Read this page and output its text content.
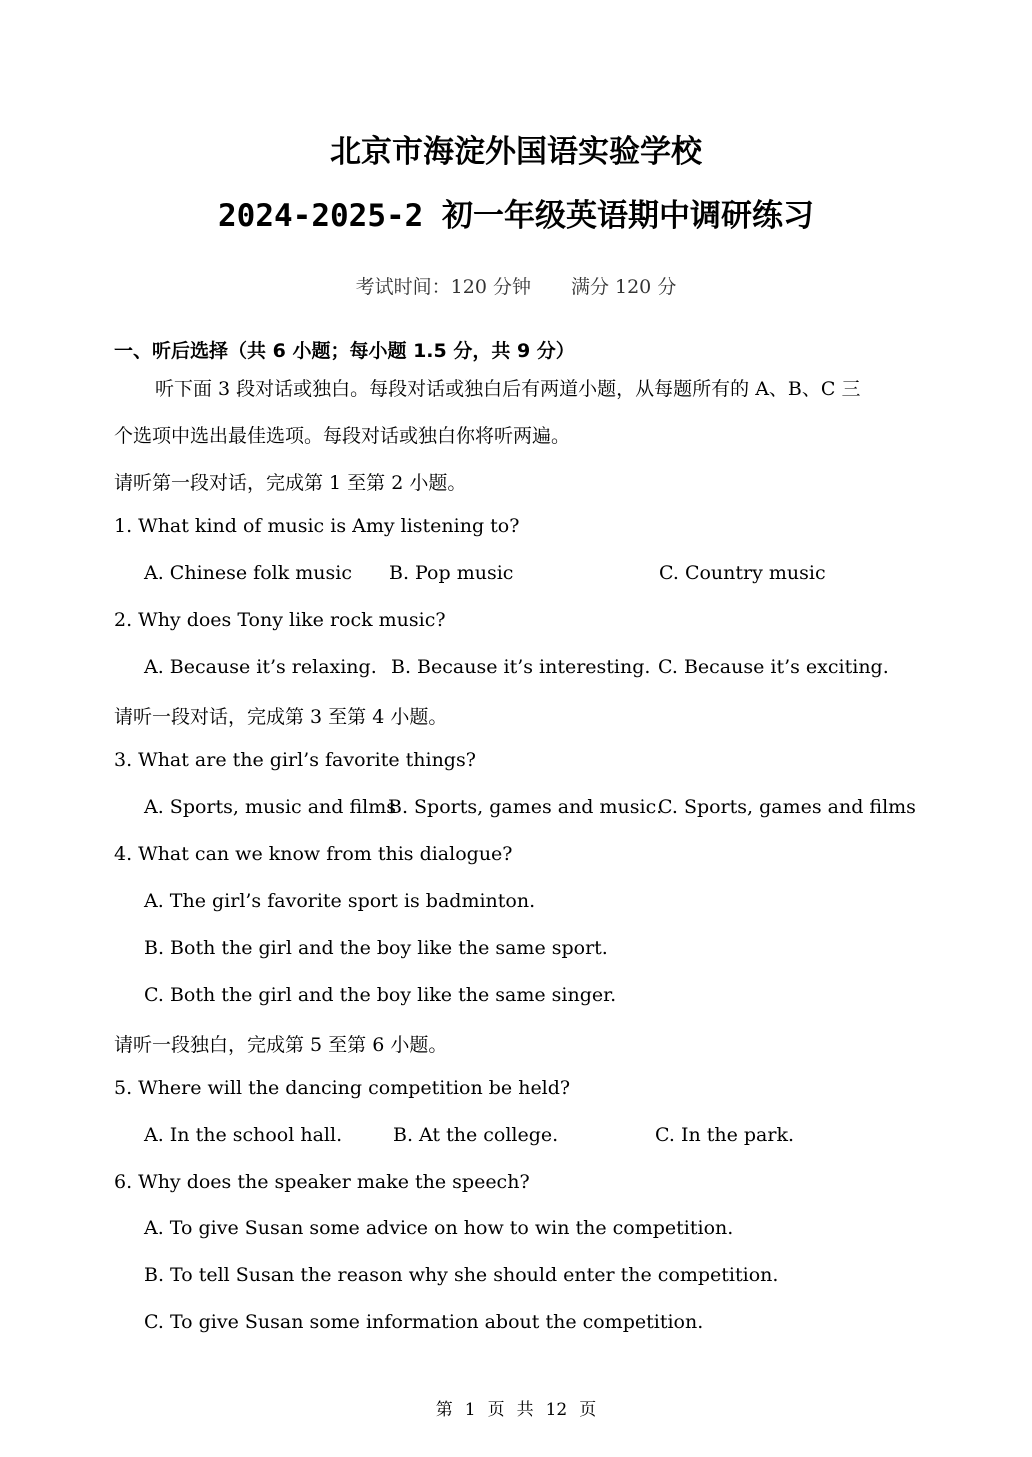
北京市海淀外国语实验学校
2024-2025-2 初一年级英语期中调研练习
考试时间：120 分钟 满分 120 分
一、听后选择（共 6 小题；每小题 1.5 分，共 9 分）
听下面 3 段对话或独白。每段对话或独白后有两道小题，从每题所有的 A、B、C 三
个选项中选出最佳选项。每段对话或独白你将听两遍。
请听第一段对话，完成第 1 至第 2 小题。
1. What kind of music is Amy listening to?
A. Chinese folk music B. Pop music	C. Country music
2. Why does Tony like rock music?
A. Because it’s relaxing. B. Because it’s interesting. C. Because it’s exciting.
请听一段对话，完成第 3 至第 4 小题。
3. What are the girl’s favorite things?
A. Sports, music and films
B. Sports, games and music.
C. Sports, games and films
4. What can we know from this dialogue?
A. The girl’s favorite sport is badminton.
B. Both the girl and the boy like the same sport.
C. Both the girl and the boy like the same singer.
请听一段独白，完成第 5 至第 6 小题。
5. Where will the dancing competition be held?
A. In the school hall.	B. At the college.	C. In the park.
6. Why does the speaker make the speech?
A. To give Susan some advice on how to win the competition.
B. To tell Susan the reason why she should enter the competition.
C. To give Susan some information about the competition.
第 1 页 共 12 页
